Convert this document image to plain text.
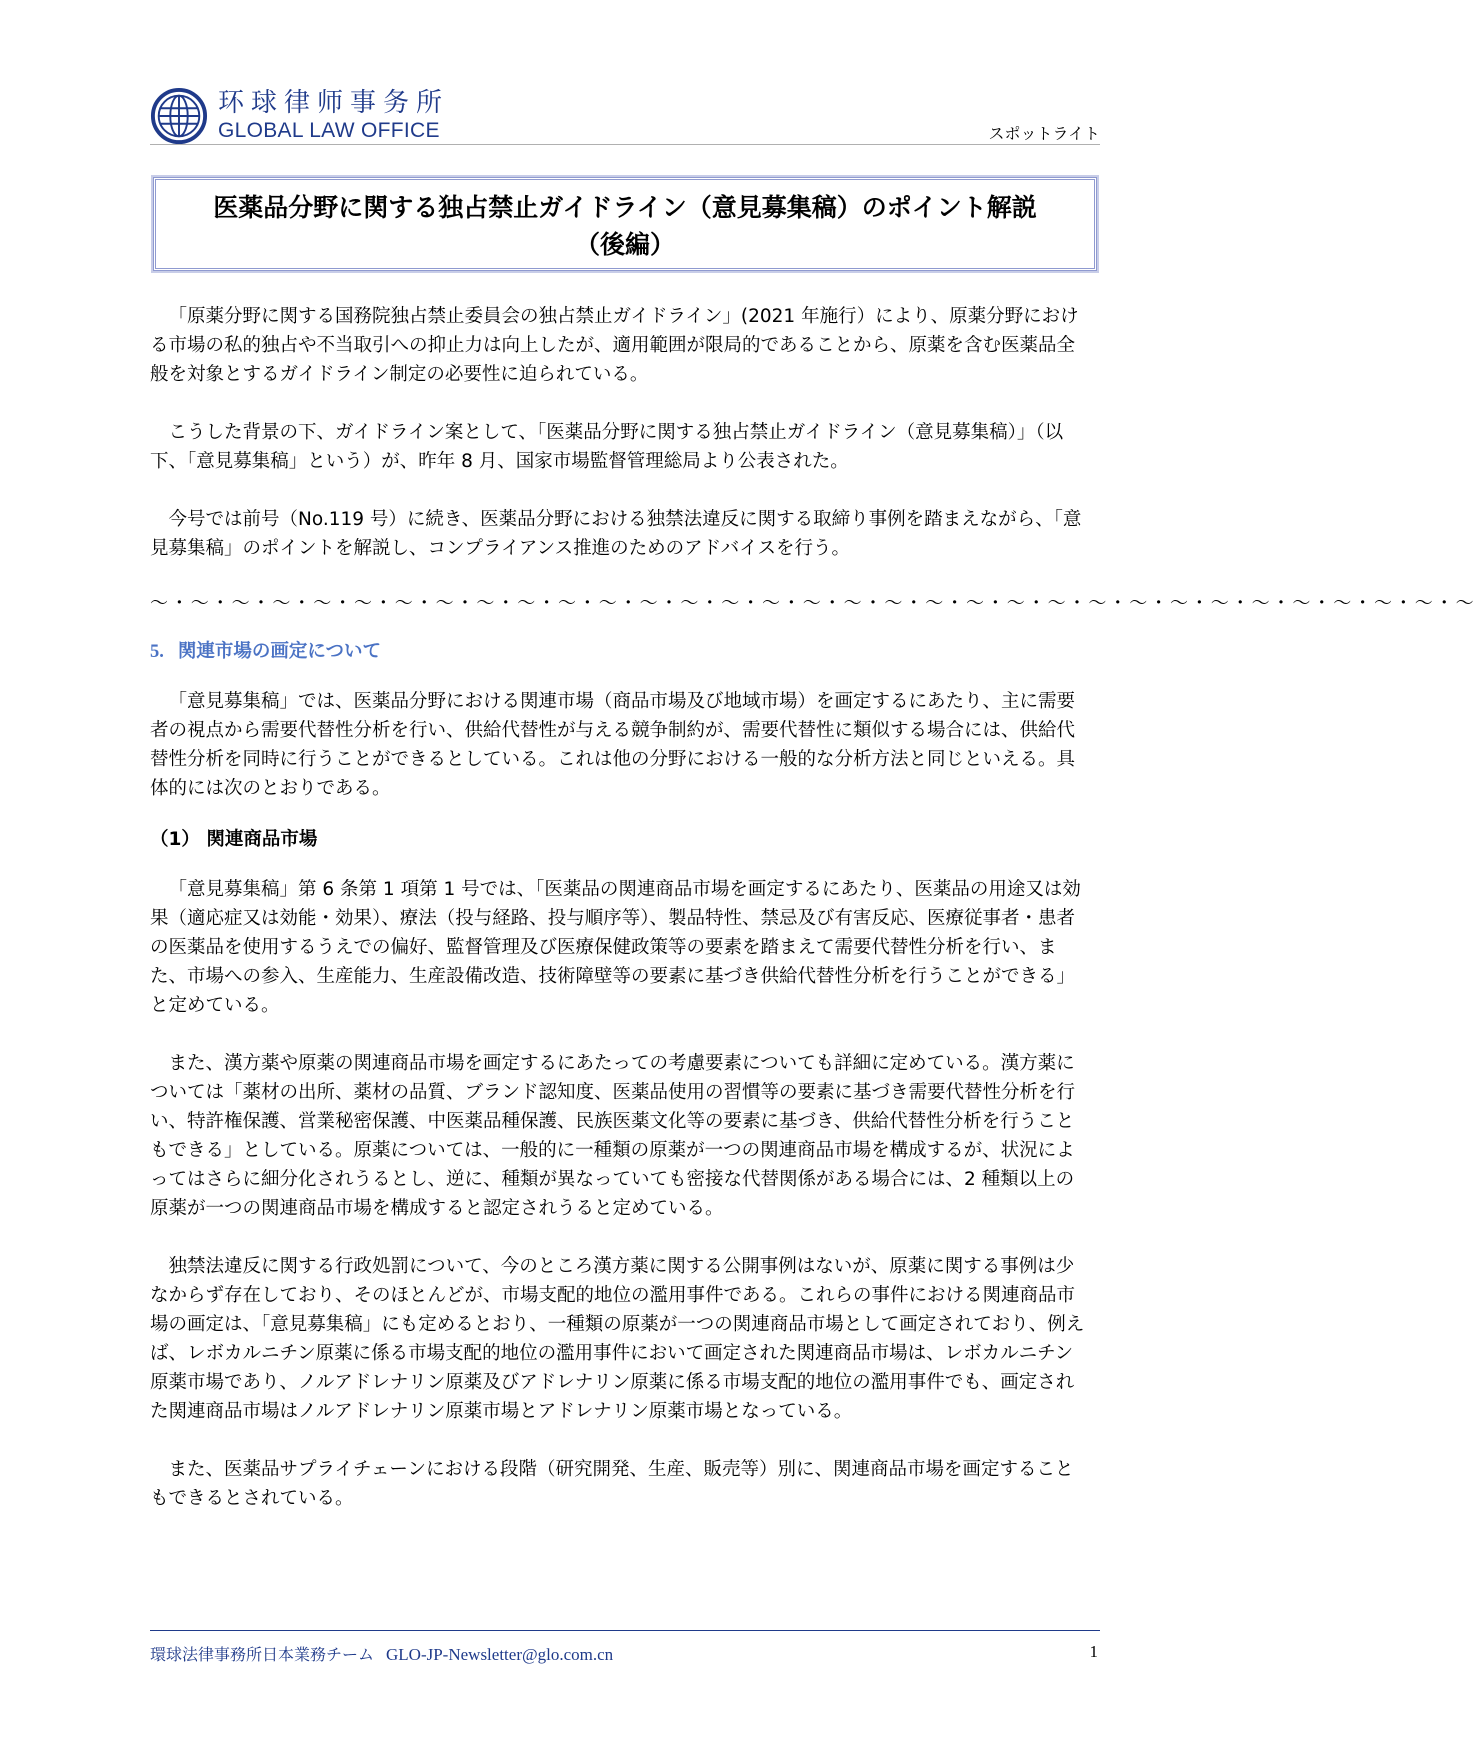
环球律师事务所
GLOBAL LAW OFFICE	スポットライト
医薬品分野に関する独占禁止ガイドライン（意見募集稿）のポイント解説
（後編）

「原薬分野に関する国務院独占禁止委員会の独占禁止ガイドライン」(2021 年施行）により、原薬分野における市場の私的独占や不当取引への抑止力は向上したが、適用範囲が限局的であることから、原薬を含む医薬品全般を対象とするガイドライン制定の必要性に迫られている。

こうした背景の下、ガイドライン案として、「医薬品分野に関する独占禁止ガイドライン（意見募集稿）」（以下、「意見募集稿」という）が、昨年 8 月、国家市場監督管理総局より公表された。

今号では前号（No.119 号）に続き、医薬品分野における独禁法違反に関する取締り事例を踏まえながら、「意見募集稿」のポイントを解説し、コンプライアンス推進のためのアドバイスを行う。

～・～・～・～・～・～・～・～・～・～・～・～・～・～・～・～・～・～・～・～・～・～・～・～・～・～・～・～・～・～・～・～・～
5. 関連市場の画定について

「意見募集稿」では、医薬品分野における関連市場（商品市場及び地域市場）を画定するにあたり、主に需要者の視点から需要代替性分析を行い、供給代替性が与える競争制約が、需要代替性に類似する場合には、供給代替性分析を同時に行うことができるとしている。これは他の分野における一般的な分析方法と同じといえる。具体的には次のとおりである。

（1） 関連商品市場

「意見募集稿」第 6 条第 1 項第 1 号では、「医薬品の関連商品市場を画定するにあたり、医薬品の用途又は効果（適応症又は効能・効果）、療法（投与経路、投与順序等）、製品特性、禁忌及び有害反応、医療従事者・患者の医薬品を使用するうえでの偏好、監督管理及び医療保健政策等の要素を踏まえて需要代替性分析を行い、また、市場への参入、生産能力、生産設備改造、技術障壁等の要素に基づき供給代替性分析を行うことができる」と定めている。

また、漢方薬や原薬の関連商品市場を画定するにあたっての考慮要素についても詳細に定めている。漢方薬については「薬材の出所、薬材の品質、ブランド認知度、医薬品使用の習慣等の要素に基づき需要代替性分析を行い、特許権保護、営業秘密保護、中医薬品種保護、民族医薬文化等の要素に基づき、供給代替性分析を行うこともできる」としている。原薬については、一般的に一種類の原薬が一つの関連商品市場を構成するが、状況によってはさらに細分化されうるとし、逆に、種類が異なっていても密接な代替関係がある場合には、2 種類以上の原薬が一つの関連商品市場を構成すると認定されうると定めている。

独禁法違反に関する行政処罰について、今のところ漢方薬に関する公開事例はないが、原薬に関する事例は少なからず存在しており、そのほとんどが、市場支配的地位の濫用事件である。これらの事件における関連商品市場の画定は、「意見募集稿」にも定めるとおり、一種類の原薬が一つの関連商品市場として画定されており、例えば、レボカルニチン原薬に係る市場支配的地位の濫用事件において画定された関連商品市場は、レボカルニチン原薬市場であり、ノルアドレナリン原薬及びアドレナリン原薬に係る市場支配的地位の濫用事件でも、画定された関連商品市場はノルアドレナリン原薬市場とアドレナリン原薬市場となっている。

また、医薬品サプライチェーンにおける段階（研究開発、生産、販売等）別に、関連商品市場を画定することもできるとされている。

環球法律事務所日本業務チーム GLO-JP-Newsletter@glo.com.cn	1
